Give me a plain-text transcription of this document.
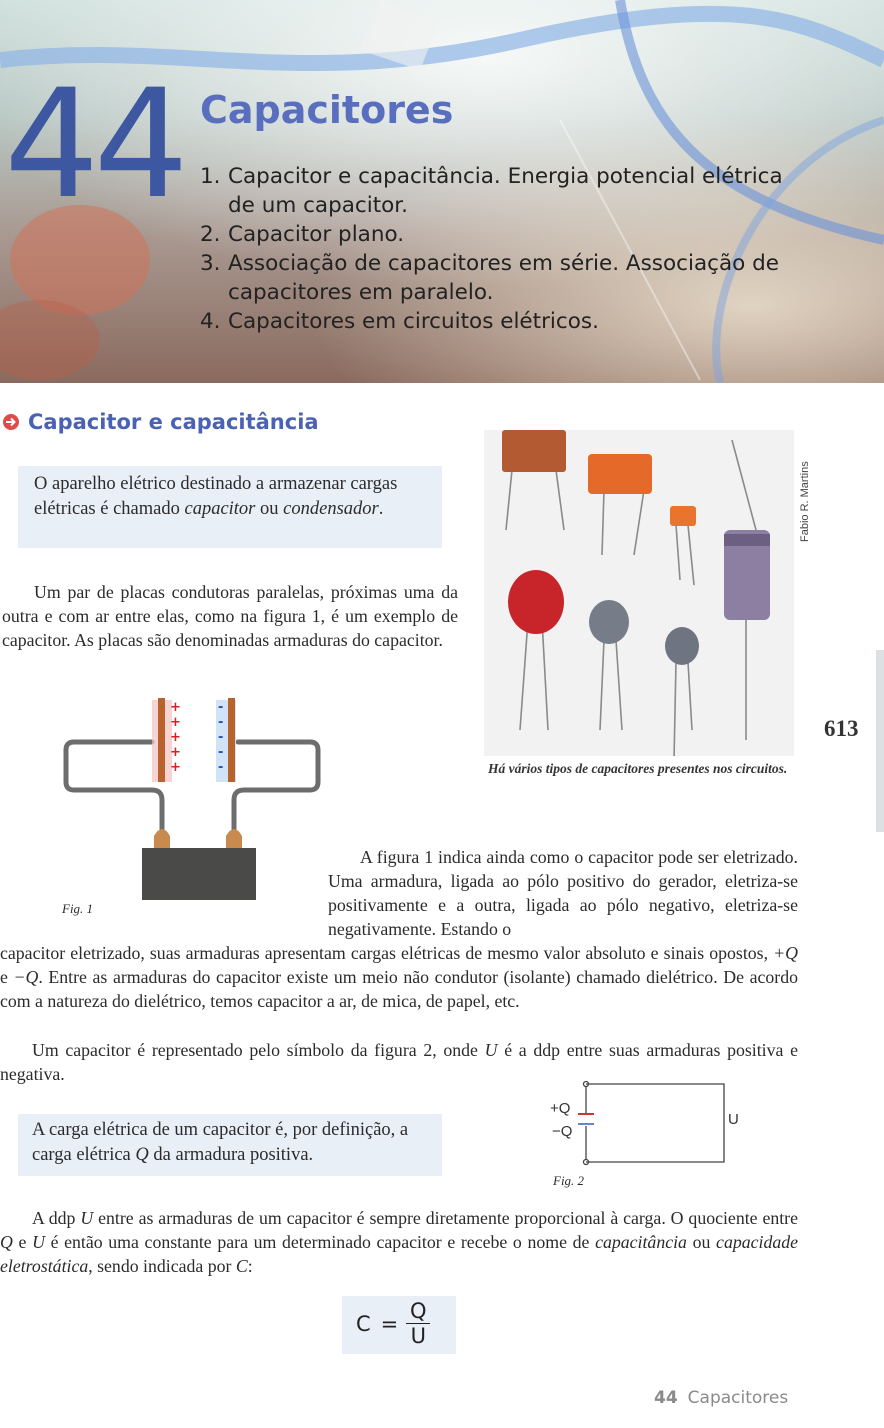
44 Capacitores
1. Capacitor e capacitância. Energia potencial elétrica de um capacitor.
2. Capacitor plano.
3. Associação de capacitores em série. Associação de capacitores em paralelo.
4. Capacitores em circuitos elétricos.
Capacitor e capacitância
O aparelho elétrico destinado a armazenar cargas elétricas é chamado capacitor ou condensador.

Um par de placas condutoras paralelas, próximas uma da outra e com ar entre elas, como na figura 1, é um exemplo de capacitor. As placas são denominadas armaduras do capacitor.

Fabio R. Martins
Há vários tipos de capacitores presentes nos circuitos.
613
+++++
-----
Fig. 1
A figura 1 indica ainda como o capacitor pode ser eletrizado. Uma armadura, ligada ao pólo positivo do gerador, eletriza-se positivamente e a outra, ligada ao pólo negativo, eletriza-se negativamente. Estando o
capacitor eletrizado, suas armaduras apresentam cargas elétricas de mesmo valor absoluto e sinais opostos, +Q e −Q. Entre as armaduras do capacitor existe um meio não condutor (isolante) chamado dielétrico. De acordo com a natureza do dielétrico, temos capacitor a ar, de mica, de papel, etc.
Um capacitor é representado pelo símbolo da figura 2, onde U é a ddp entre suas armaduras positiva e negativa.
A carga elétrica de um capacitor é, por definição, a carga elétrica Q da armadura positiva.
+Q
−Q
U
Fig. 2
A ddp U entre as armaduras de um capacitor é sempre diretamente proporcional à carga. O quociente entre Q e U é então uma constante para um determinado capacitor e recebe o nome de capacitância ou capacidade eletrostática, sendo indicada por C:
$C = \frac{Q}{U}$
44 Capacitores
